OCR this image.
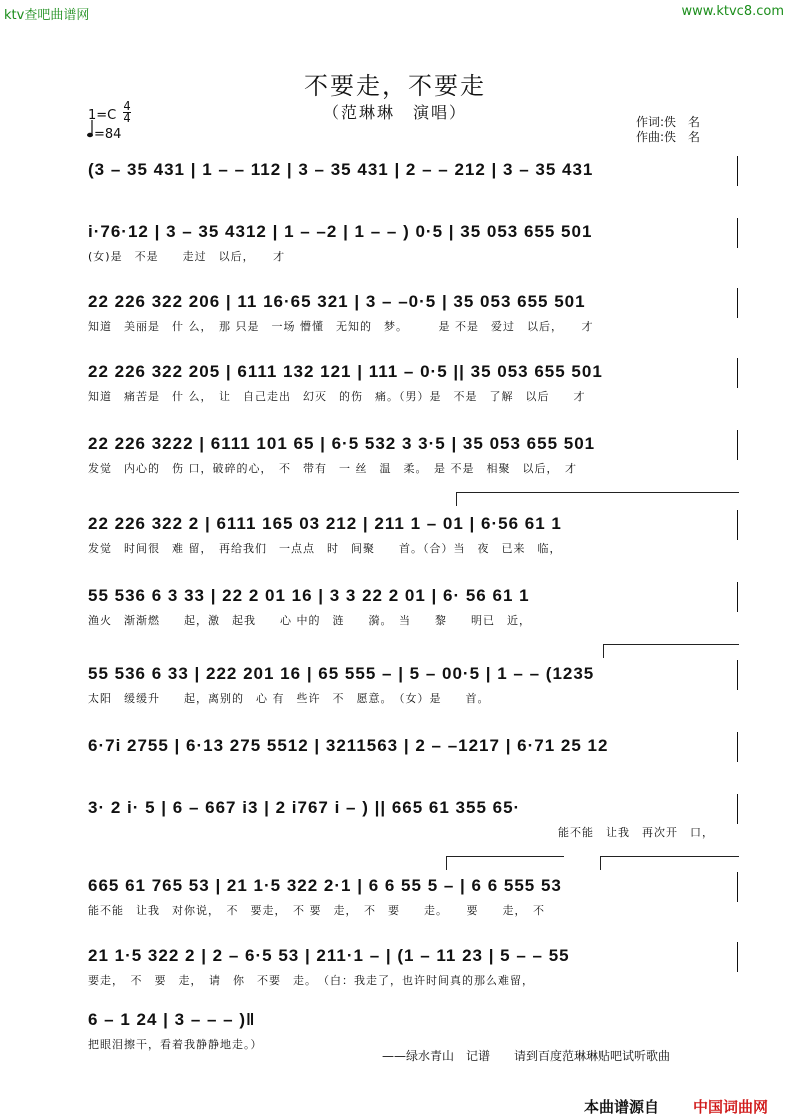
ktv查吧曲谱网	www.ktvc8.com
不要走，不要走
（范琳琳　演唱）	作词:佚　名
作曲:佚　名
1=C
4
4
=84
(3 – 35 431 | 1 – – 112 | 3 – 35 431 | 2 – – 212 | 3 – 35 431
i·76·12 | 3 – 35 4312 | 1 – –2 | 1 – – ) 0·5 | 35 053 655 501
(女)是　不是　　走过　以后，　　才
22 226 322 206 | 11 16·65 321 | 3 – –0·5 | 35 053 655 501
知道　美丽是　什 么，　那 只是　一场 懵懂　无知的　梦。　　　是 不是　爱过　以后，　　才
22 226 322 205 | 6111 132 121 | 111 – 0·5 || 35 053 655 501
知道　痛苦是　什 么，　让　自己走出　幻灭　的伤　痛。（男）是　不是　了解　以后　　才
22 226 3222 | 6111 101 65 | 6·5 532 3 3·5 | 35 053 655 501
发觉　内心的　伤 口，破碎的心，　不　带有　一 丝　温　柔。　是 不是　相聚　以后，　才
22 226 322 2 | 6111 165 03 212 | 211 1 – 01 | 6·56 61 1
发觉　时间很　难 留，　再给我们　一点点　时　间聚　　首。（合）当　夜　已来　临，
55 536 6 3 33 | 22 2 01 16 | 3 3 22 2 01 | 6· 56 61 1
渔火　渐渐燃　　起，激　起我　　心 中的　涟　　漪。　当　　黎　　明已　近，
55 536 6 33 | 222 201 16 | 65 555 – | 5 – 00·5 | 1 – – (1235
太阳　缓缓升　　起，离别的　心 有　些许　不　愿意。　（女）是　　首。
6·7i 2755 | 6·13 275 5512 | 3211563 | 2 – –1217 | 6·71 25 12
3· 2 i· 5 | 6 – 667 i3 | 2 i767 i – ) || 665 61 355 65·
能不能　让我　再次开　口，
665 61 765 53 | 21 1·5 322 2·1 | 6 6 55 5 – | 6 6 555 53
能不能　让我　对你说，　不　要走，　不 要　走，　不　要　　走。　　要　　走，　不
21 1·5 322 2 | 2 – 6·5 53 | 211·1 – | (1 – 11 23 | 5 – – 55
要走，　不　要　走，　请　你　不要　走。　（白：我走了，也许时间真的那么难留，
6 – 1 24 | 3 – – – )‖
把眼泪擦干，看着我静静地走。）
——绿水青山　记谱　　请到百度范琳琳贴吧试听歌曲
本曲谱源自 中国词曲网
